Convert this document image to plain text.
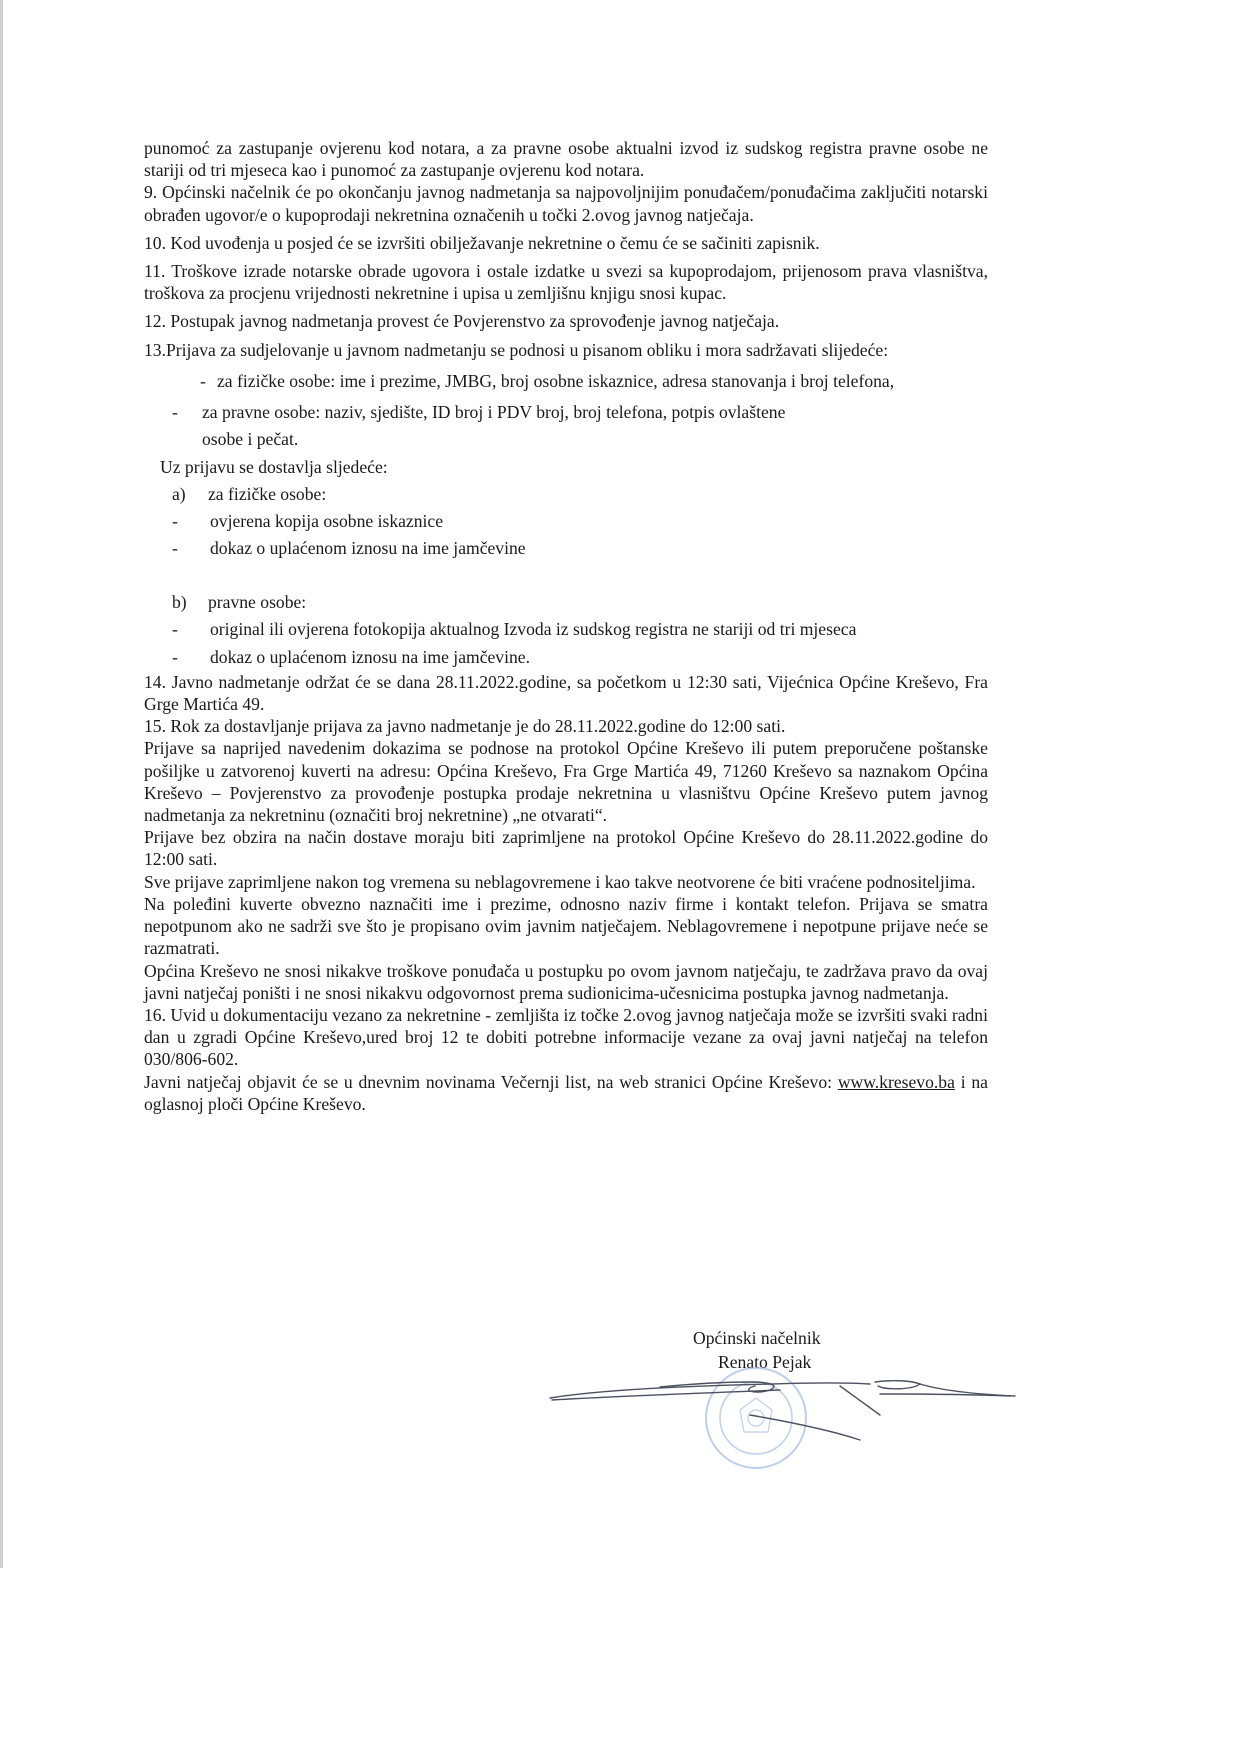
punomoć za zastupanje ovjerenu kod notara, a za pravne osobe aktualni izvod iz sudskog registra pravne osobe ne stariji od tri mjeseca kao i punomoć za zastupanje ovjerenu kod notara.

9. Općinski načelnik će po okončanju javnog nadmetanja sa najpovoljnijim ponuđačem/ponuđačima zaključiti notarski obrađen ugovor/e o kupoprodaji nekretnina označenih u točki 2.ovog javnog natječaja.

10. Kod uvođenja u posjed će se izvršiti obilježavanje nekretnine o čemu će se sačiniti zapisnik.

11. Troškove izrade notarske obrade ugovora i ostale izdatke u svezi sa kupoprodajom, prijenosom prava vlasništva, troškova za procjenu vrijednosti nekretnine i upisa u zemljišnu knjigu snosi kupac.

12. Postupak javnog nadmetanja provest će Povjerenstvo za sprovođenje javnog natječaja.

13.Prijava za sudjelovanje u javnom nadmetanju se podnosi u pisanom obliku i mora sadržavati slijedeće:

- za fizičke osobe: ime i prezime, JMBG, broj osobne iskaznice, adresa stanovanja i broj telefona,

- za pravne osobe: naziv, sjedište, ID broj i PDV broj, broj telefona, potpis ovlaštene
osobe i pečat.
Uz prijavu se dostavlja sljedeće:
a) za fizičke osobe:
-	ovjerena kopija osobne iskaznice
-	dokaz o uplaćenom iznosu na ime jamčevine
b) pravne osobe:
-	original ili ovjerena fotokopija aktualnog Izvoda iz sudskog registra ne stariji od tri mjeseca
-	dokaz o uplaćenom iznosu na ime jamčevine.

14. Javno nadmetanje održat će se dana 28.11.2022.godine, sa početkom u 12:30 sati, Vijećnica Općine Kreševo, Fra Grge Martića 49.

15. Rok za dostavljanje prijava za javno nadmetanje je do 28.11.2022.godine do 12:00 sati.

Prijave sa naprijed navedenim dokazima se podnose na protokol Općine Kreševo ili putem preporučene poštanske pošiljke u zatvorenoj kuverti na adresu: Općina Kreševo, Fra Grge Martića 49, 71260 Kreševo sa naznakom Općina Kreševo – Povjerenstvo za provođenje postupka prodaje nekretnina u vlasništvu Općine Kreševo putem javnog nadmetanja za nekretninu (označiti broj nekretnine) „ne otvarati“.

Prijave bez obzira na način dostave moraju biti zaprimljene na protokol Općine Kreševo do 28.11.2022.godine do 12:00 sati.

Sve prijave zaprimljene nakon tog vremena su neblagovremene i kao takve neotvorene će biti vraćene podnositeljima.

Na poleđini kuverte obvezno naznačiti ime i prezime, odnosno naziv firme i kontakt telefon. Prijava se smatra nepotpunom ako ne sadrži sve što je propisano ovim javnim natječajem. Neblagovremene i nepotpune prijave neće se razmatrati.

Općina Kreševo ne snosi nikakve troškove ponuđača u postupku po ovom javnom natječaju, te zadržava pravo da ovaj javni natječaj poništi i ne snosi nikakvu odgovornost prema sudionicima-učesnicima postupka javnog nadmetanja.

16. Uvid u dokumentaciju vezano za nekretnine - zemljišta iz točke 2.ovog javnog natječaja može se izvršiti svaki radni dan u zgradi Općine Kreševo,ured broj 12 te dobiti potrebne informacije vezane za ovaj javni natječaj na telefon 030/806-602.

Javni natječaj objavit će se u dnevnim novinama Večernji list, na web stranici Općine Kreševo: www.kresevo.ba i na oglasnoj ploči Općine Kreševo.

Općinski načelnik
Renato Pejak
